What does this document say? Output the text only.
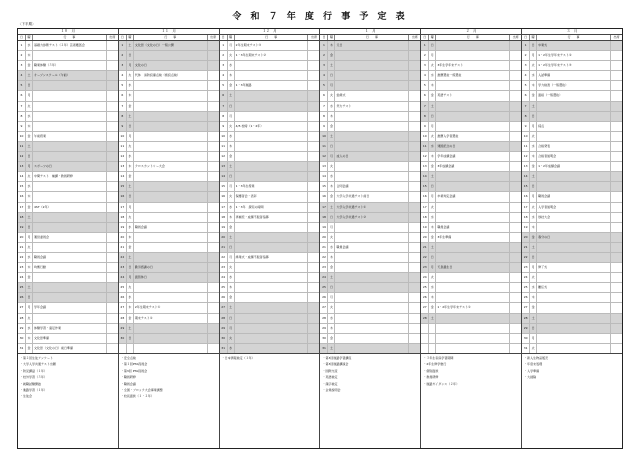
令 和 ７ 年 度 行 事 予 定 表
〈下半期〉
１０　月
日	曜	行　　事	出席
1	水	基礎力診断テスト（２年）芸術鑑賞会
2	木
3	金	職業体験（３年）
4	土	オープンスクール（午前）
5	日
6	月
7	火
8	水
9	木
10	金	午前授業
11	土
12	日
13	月	スポーツの日
14	火	中間テスト　補講・教員研修
15	水
16	木
17	金	4ST（2年）
18	土
19	日
20	月	運営委員会
21	火
22	水	職員会議
23	木	均衡行動
24	金
25	土
26	日
27	月	学年会議
28	火
29	水	体験学習・遠足作業
30	木	文化祭準備
31	金	文化祭（文化の日）前日準備
・第２回生徒アンケート
・大学入学共通テスト出願
・防災講話（１年）
・校外学習（３年）
・就職試験開始
・進路学習（１年）
・生徒会
１１　月
日	曜	行　　事	出席
1	土	文化祭（文化の日）一般公開
2	日
3	月	文化の日
4	火	代休　消防設備点検（施設点検）
5	水
6	木
7	金
8	土
9	日
10	月
11	火
12	水
13	木	クロスカントリー大会
14	金
15	土
16	日
17	月
18	火
19	水	職員会議
20	木
21	金
22	土
23	日	勤労感謝の日
24	月	振替休日
25	火
26	水
27	木	2年生期末テスト①
28	金	期末テスト②
29	土
30	日
・安全点検
・第１回PTA役員会
・第3回 PTA役員会
・職員研修
・職員会議
・全国・ブロック大会事業調整
・校長面談（１・２年）
１２　月
日	曜	行　　事	出席
1	月	2年生期末テスト④
2	火	1・3年生期末テスト②
3	水
4	木
5	金	1・3年進路
6	土
7	日
8	月
9	火	4/5 校時（1・2年）
10	水
11	木
12	金
13	土
14	日
15	月	1・3年生授業
16	火	保護者会・表彰
17	水	1・3年　探究の時間
18	木	再補充・成績不振者指導
19	金
20	土
21	日
22	月	終業式・成績不振者指導
23	火
24	水
25	木
26	金
27	土
28	日
29	月
30	火
31	水
・日本情報検定（１年）
１　月
日	曜	行　　事	出席
1	木	元日
2	金
3	土
4	日
5	月
6	火	始業式
7	水	実力テスト
8	木
9	金
10	土
11	日
12	月	成人の日
13	火
14	水
15	木	合同会議
16	金	大学入学共通テスト前日
17	土	大学入学共通テスト①
18	日	大学入学共通テスト②
19	月
20	火
21	水	職員会議
22	木
23	金
24	土
25	日
26	月
27	火
28	水
29	木
30	金
31	土
・第3回進路学習講座
・第3回進路講演会
・国際交流
・英語検定
・漢字検定
・企業説明会
２　月
日	曜	行　　事	出席
1	日
2	月
3	火	3年生学年末テスト
4	水	推薦選抜一般選抜
5	木
6	金	英語テスト
7	土
8	日
9	月
10	火	推薦入学者選抜
11	水	建国記念の日
12	木	学年成績会議
13	金	3年成績会議
14	土
15	日
16	月	卒業判定会議
17	火
18	水
19	木	職員会議
20	金	3年生準備
21	土
22	日
23	月	天皇誕生日
24	火
25	水
26	木
27	金	1・2年生学年末テスト①
28	土
・３年生家庭学習期間
・2年生修学旅行
・個別面談
・教員研修
・進路ガイダンス（２年）
３　月
日	曜	行　　事	出席
1	日	卒業式
2	月	1・2年生学年末テスト②
3	火	1・2年生学年末テスト③
4	水	入試準備
5	木	学力検査（一般選抜）
6	金	面接（一般選抜）
7	土
8	日
9	月	採点
10	火
11	水	合格発表
12	木	合格者説明会
13	金	1・2年成績会議
14	土
15	日
16	月	職員会議
17	火	入学者説明会
18	水	球技大会
19	木
20	金	春分の日
21	土
22	日
23	月	修了式
24	火
25	水	離任式
26	木
27	金
28	土
29	日
30	月
31	火
・新入生物品販売
・年度末処理
・入学準備
・大掃除
